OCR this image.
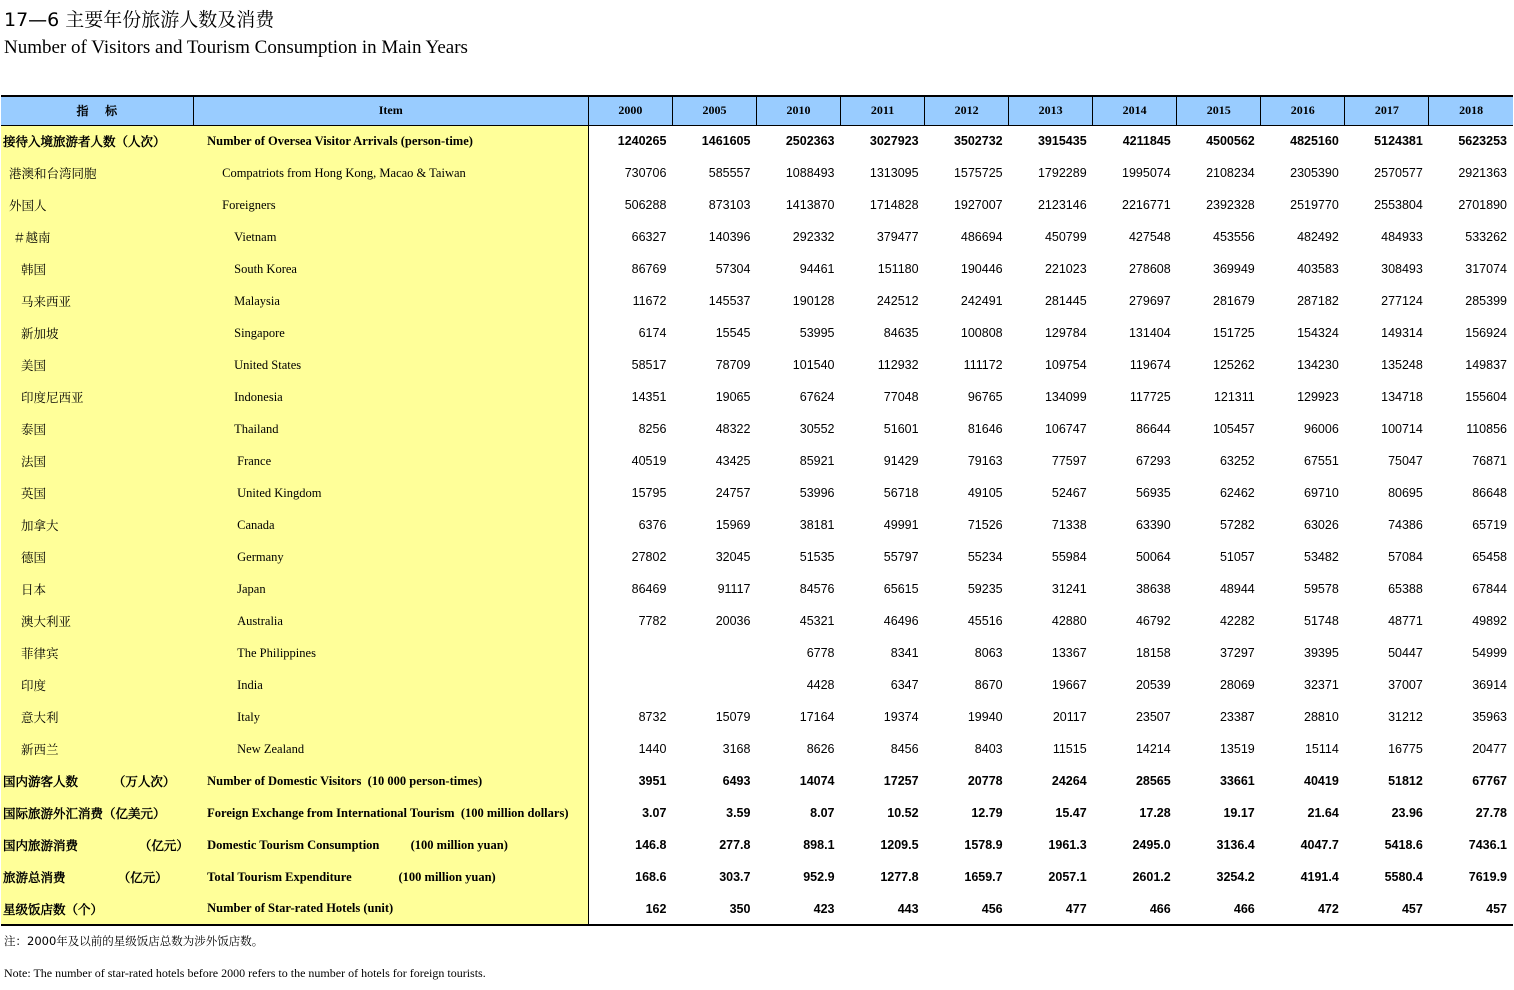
17—6 主要年份旅游人数及消费
Number of Visitors and Tourism Consumption in Main Years
指    标	Item	2000	2005	2010	2011	2012	2013	2014	2015	2016	2017	2018
接待入境旅游者人数（人次）	Number of Oversea Visitor Arrivals (person-time)	1240265	1461605	2502363	3027923	3502732	3915435	4211845	4500562	4825160	5124381	5623253
港澳和台湾同胞	Compatriots from Hong Kong, Macao & Taiwan	730706	585557	1088493	1313095	1575725	1792289	1995074	2108234	2305390	2570577	2921363
外国人	Foreigners	506288	873103	1413870	1714828	1927007	2123146	2216771	2392328	2519770	2553804	2701890
＃越南	Vietnam	66327	140396	292332	379477	486694	450799	427548	453556	482492	484933	533262
韩国	South Korea	86769	57304	94461	151180	190446	221023	278608	369949	403583	308493	317074
马来西亚	Malaysia	11672	145537	190128	242512	242491	281445	279697	281679	287182	277124	285399
新加坡	Singapore	6174	15545	53995	84635	100808	129784	131404	151725	154324	149314	156924
美国	United States	58517	78709	101540	112932	111172	109754	119674	125262	134230	135248	149837
印度尼西亚	Indonesia	14351	19065	67624	77048	96765	134099	117725	121311	129923	134718	155604
泰国	Thailand	8256	48322	30552	51601	81646	106747	86644	105457	96006	100714	110856
法国	France	40519	43425	85921	91429	79163	77597	67293	63252	67551	75047	76871
英国	United Kingdom	15795	24757	53996	56718	49105	52467	56935	62462	69710	80695	86648
加拿大	Canada	6376	15969	38181	49991	71526	71338	63390	57282	63026	74386	65719
德国	Germany	27802	32045	51535	55797	55234	55984	50064	51057	53482	57084	65458
日本	Japan	86469	91117	84576	65615	59235	31241	38638	48944	59578	65388	67844
澳大利亚	Australia	7782	20036	45321	46496	45516	42880	46792	42282	51748	48771	49892
菲律宾	The Philippines			6778	8341	8063	13367	18158	37297	39395	50447	54999
印度	India			4428	6347	8670	19667	20539	28069	32371	37007	36914
意大利	Italy	8732	15079	17164	19374	19940	20117	23507	23387	28810	31212	35963
新西兰	New Zealand	1440	3168	8626	8456	8403	11515	14214	13519	15114	16775	20477
国内游客人数        （万人次）	Number of Domestic Visitors  (10 000 person-times)	3951	6493	14074	17257	20778	24264	28565	33661	40419	51812	67767
国际旅游外汇消费（亿美元）	Foreign Exchange from International Tourism  (100 million dollars)	3.07	3.59	8.07	10.52	12.79	15.47	17.28	19.17	21.64	23.96	27.78
国内旅游消费              （亿元）	Domestic Tourism Consumption          (100 million yuan)	146.8	277.8	898.1	1209.5	1578.9	1961.3	2495.0	3136.4	4047.7	5418.6	7436.1
旅游总消费            （亿元）	Total Tourism Expenditure               (100 million yuan)	168.6	303.7	952.9	1277.8	1659.7	2057.1	2601.2	3254.2	4191.4	5580.4	7619.9
星级饭店数（个）	Number of Star-rated Hotels (unit)	162	350	423	443	456	477	466	466	472	457	457
注：2000年及以前的星级饭店总数为涉外饭店数。
Note: The number of star-rated hotels before 2000 refers to the number of hotels for foreign tourists.
